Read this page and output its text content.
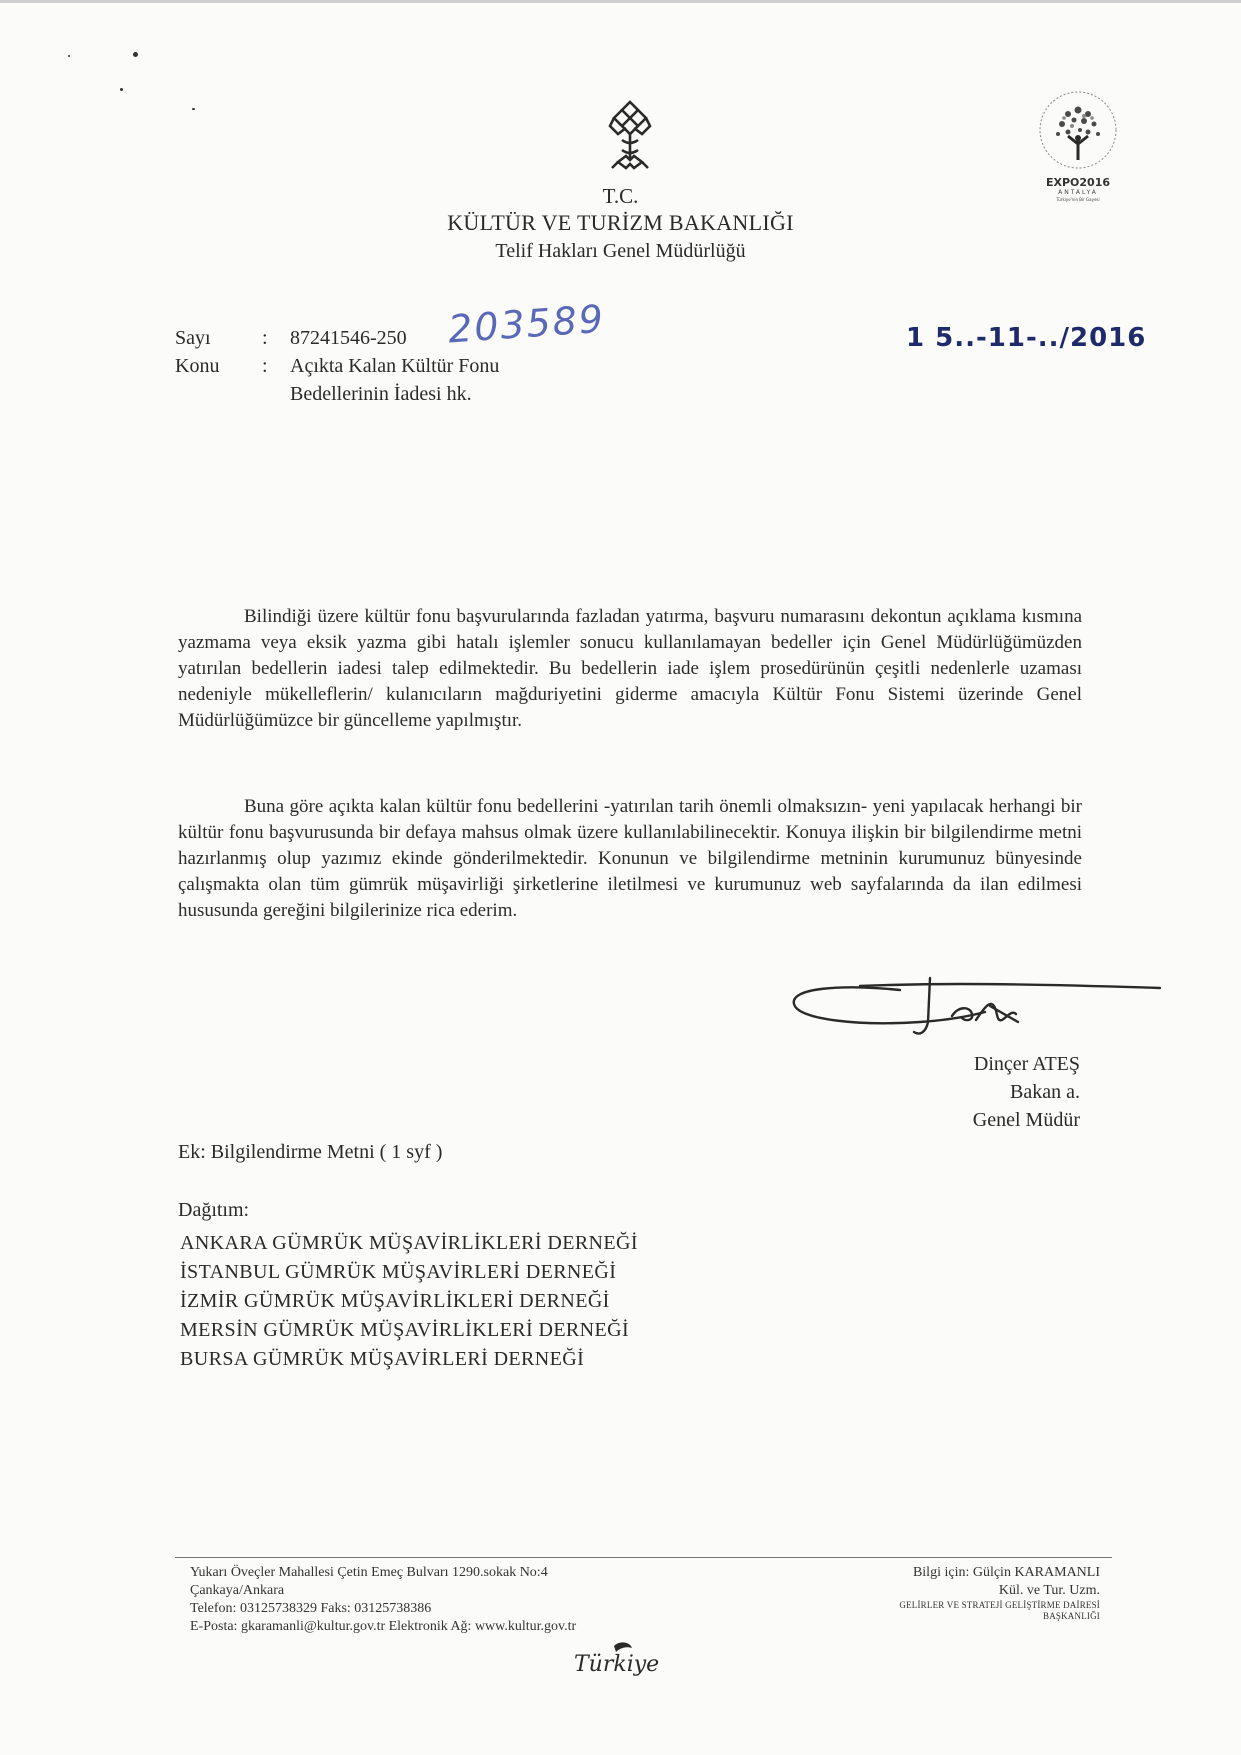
T.C.
KÜLTÜR VE TURİZM BAKANLIĞI
Telif Hakları Genel Müdürlüğü
EXPO2016
ANTALYA
Türkiye'nin Bir Gayesi
Sayı	: 87241546-250 203589	1 5..-11-../2016
Konu : Açıkta Kalan Kültür Fonu
Bedellerinin İadesi hk.

Bilindiği üzere kültür fonu başvurularında fazladan yatırma, başvuru numarasını dekontun açıklama kısmına yazmama veya eksik yazma gibi hatalı işlemler sonucu kullanılamayan bedeller için Genel Müdürlüğümüzden yatırılan bedellerin iadesi talep edilmektedir. Bu bedellerin iade işlem prosedürünün çeşitli nedenlerle uzaması nedeniyle mükelleflerin/ kulanıcıların mağduriyetini giderme amacıyla Kültür Fonu Sistemi üzerinde Genel Müdürlüğümüzce bir güncelleme yapılmıştır.

Buna göre açıkta kalan kültür fonu bedellerini -yatırılan tarih önemli olmaksızın- yeni yapılacak herhangi bir kültür fonu başvurusunda bir defaya mahsus olmak üzere kullanılabilinecektir. Konuya ilişkin bir bilgilendirme metni hazırlanmış olup yazımız ekinde gönderilmektedir. Konunun ve bilgilendirme metninin kurumunuz bünyesinde çalışmakta olan tüm gümrük müşavirliği şirketlerine iletilmesi ve kurumunuz web sayfalarında da ilan edilmesi hususunda gereğini bilgilerinize rica ederim.

Dinçer ATEŞ
Bakan a.
Genel Müdür
Ek: Bilgilendirme Metni ( 1 syf )
Dağıtım:
ANKARA GÜMRÜK MÜŞAVİRLİKLERİ DERNEĞİ
İSTANBUL GÜMRÜK MÜŞAVİRLERİ DERNEĞİ
İZMİR GÜMRÜK MÜŞAVİRLİKLERİ DERNEĞİ
MERSİN GÜMRÜK MÜŞAVİRLİKLERİ DERNEĞİ
BURSA GÜMRÜK MÜŞAVİRLERİ DERNEĞİ
Yukarı Öveçler Mahallesi Çetin Emeç Bulvarı 1290.sokak No:4
Çankaya/Ankara
Telefon: 03125738329 Faks: 03125738386
E-Posta: gkaramanli@kultur.gov.tr Elektronik Ağ: www.kultur.gov.tr
Bilgi için: Gülçin KARAMANLI
Kül. ve Tur. Uzm.
GELİRLER VE STRATEJİ GELİŞTİRME DAİRESİ
BAŞKANLIĞI
Türkiye
